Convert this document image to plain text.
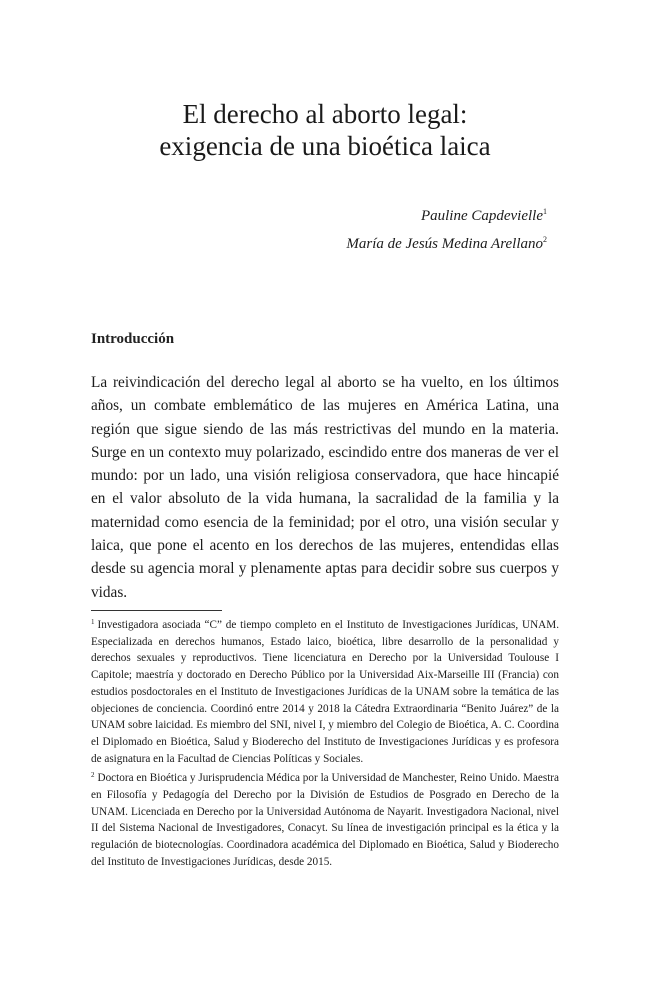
El derecho al aborto legal:
exigencia de una bioética laica
Pauline Capdevielle$^1$
María de Jesús Medina Arellano$^2$
Introducción
La reivindicación del derecho legal al aborto se ha vuelto, en los últimos años, un combate emblemático de las mujeres en América Latina, una región que sigue siendo de las más restrictivas del mundo en la materia. Surge en un contexto muy polarizado, escindido entre dos maneras de ver el mundo: por un lado, una visión religiosa conservadora, que hace hincapié en el valor absoluto de la vida humana, la sacralidad de la familia y la maternidad como esencia de la feminidad; por el otro, una visión secular y laica, que pone el acento en los derechos de las mujeres, entendidas ellas desde su agencia moral y plenamente aptas para decidir sobre sus cuerpos y vidas.

$^1$ Investigadora asociada “C” de tiempo completo en el Instituto de Investigaciones Jurídicas, UNAM. Especializada en derechos humanos, Estado laico, bioética, libre desarrollo de la personalidad y derechos sexuales y reproductivos. Tiene licenciatura en Derecho por la Universidad Toulouse I Capitole; maestría y doctorado en Derecho Público por la Universidad Aix-Marseille III (Francia) con estudios posdoctorales en el Instituto de Investigaciones Jurídicas de la UNAM sobre la temática de las objeciones de conciencia. Coordinó entre 2014 y 2018 la Cátedra Extraordinaria “Benito Juárez” de la UNAM sobre laicidad. Es miembro del SNI, nivel I, y miembro del Colegio de Bioética, A. C. Coordina el Diplomado en Bioética, Salud y Bioderecho del Instituto de Investigaciones Jurídicas y es profesora de asignatura en la Facultad de Ciencias Políticas y Sociales.

$^2$ Doctora en Bioética y Jurisprudencia Médica por la Universidad de Manchester, Reino Unido. Maestra en Filosofía y Pedagogía del Derecho por la División de Estudios de Posgrado en Derecho de la UNAM. Licenciada en Derecho por la Universidad Autónoma de Nayarit. Investigadora Nacional, nivel II del Sistema Nacional de Investigadores, Conacyt. Su línea de investigación principal es la ética y la regulación de biotecnologías. Coordinadora académica del Diplomado en Bioética, Salud y Bioderecho del Instituto de Investigaciones Jurídicas, desde 2015.
